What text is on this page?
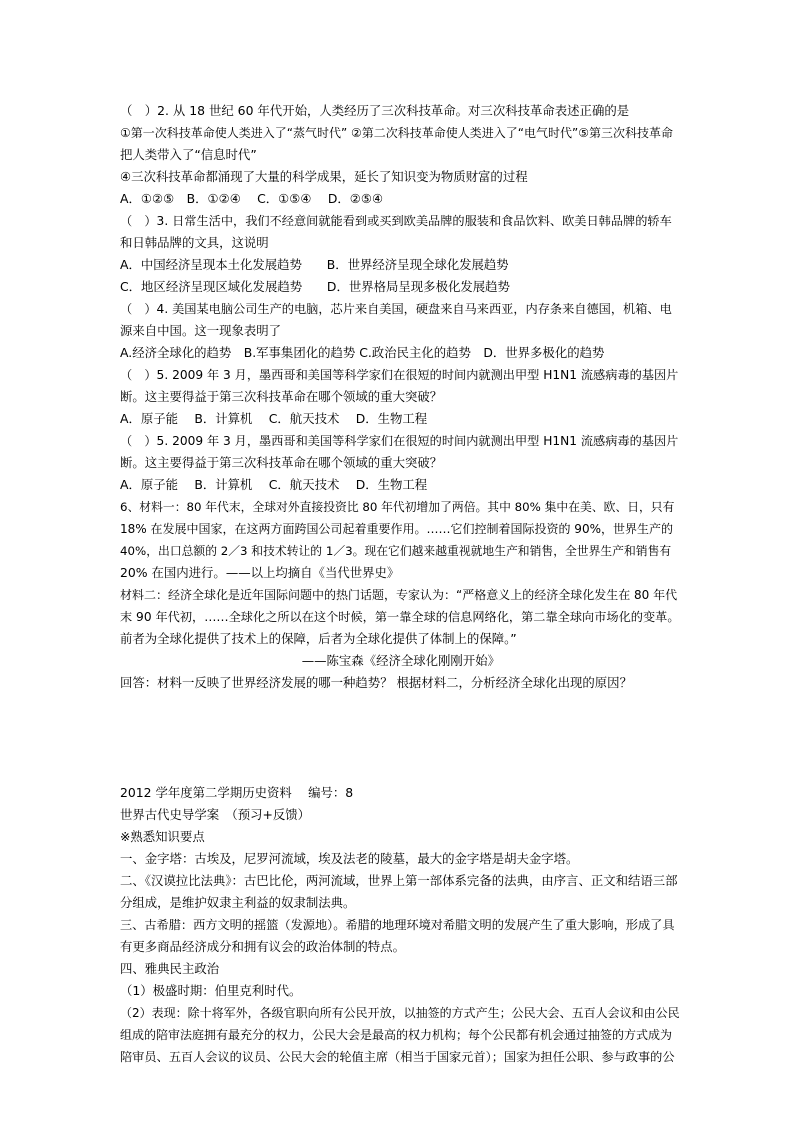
（　）2. 从 18 世纪 60 年代开始，人类经历了三次科技革命。对三次科技革命表述正确的是
①第一次科技革命使人类进入了“蒸气时代” ②第二次科技革命使人类进入了“电气时代”⑤第三次科技革命
把人类带入了“信息时代”
④三次科技革命都涌现了大量的科学成果，延长了知识变为物质财富的过程
A．①②⑤　B．①②④　 C．①⑤④　 D．②⑤④
（　）3. 日常生活中，我们不经意间就能看到或买到欧美品牌的服装和食品饮料、欧美日韩品牌的轿车
和日韩品牌的文具，这说明
A．中国经济呈现本土化发展趋势　　B．世界经济呈现全球化发展趋势
C．地区经济呈现区域化发展趋势　　D．世界格局呈现多极化发展趋势
（　）4. 美国某电脑公司生产的电脑，芯片来自美国，硬盘来自马来西亚，内存条来自德国，机箱、电
源来自中国。这一现象表明了
A.经济全球化的趋势　B.军事集团化的趋势 C.政治民主化的趋势　D．世界多极化的趋势
（　）5. 2009 年 3 月，墨西哥和美国等科学家们在很短的时间内就测出甲型 H1N1 流感病毒的基因片
断。这主要得益于第三次科技革命在哪个领域的重大突破？
A．原子能　 B．计算机　 C．航天技术　 D．生物工程
（　）5. 2009 年 3 月，墨西哥和美国等科学家们在很短的时间内就测出甲型 H1N1 流感病毒的基因片
断。这主要得益于第三次科技革命在哪个领域的重大突破？
A．原子能　 B．计算机　 C．航天技术　 D．生物工程
6、材料一：80 年代末，全球对外直接投资比 80 年代初增加了两倍。其中 80% 集中在美、欧、日，只有
18% 在发展中国家，在这两方面跨国公司起着重要作用。……它们控制着国际投资的 90%，世界生产的
40%，出口总额的 2／3 和技术转让的 1／3。现在它们越来越重视就地生产和销售，全世界生产和销售有
20% 在国内进行。——以上均摘自《当代世界史》
材料二：经济全球化是近年国际问题中的热门话题，专家认为：“严格意义上的经济全球化发生在 80 年代
末 90 年代初，……全球化之所以在这个时候，第一靠全球的信息网络化，第二靠全球向市场化的变革。
前者为全球化提供了技术上的保障，后者为全球化提供了体制上的保障。”
——陈宝森《经济全球化刚刚开始》
回答：材料一反映了世界经济发展的哪一种趋势？ 根据材料二，分析经济全球化出现的原因？
2012 学年度第二学期历史资料　 编号：8
世界古代史导学案　（预习+反馈）
※熟悉知识要点
一、金字塔：古埃及，尼罗河流域，埃及法老的陵墓，最大的金字塔是胡夫金字塔。
二、《汉谟拉比法典》：古巴比伦，两河流域，世界上第一部体系完备的法典，由序言、正文和结语三部
分组成，是维护奴隶主利益的奴隶制法典。
三、古希腊：西方文明的摇篮（发源地）。希腊的地理环境对希腊文明的发展产生了重大影响，形成了具
有更多商品经济成分和拥有议会的政治体制的特点。
四、雅典民主政治
（1）极盛时期：伯里克利时代。
（2）表现：除十将军外，各级官职向所有公民开放，以抽签的方式产生；公民大会、五百人会议和由公民
组成的陪审法庭拥有最充分的权力，公民大会是最高的权力机构；每个公民都有机会通过抽签的方式成为
陪审员、五百人会议的议员、公民大会的轮值主席（相当于国家元首）；国家为担任公职、参与政事的公
